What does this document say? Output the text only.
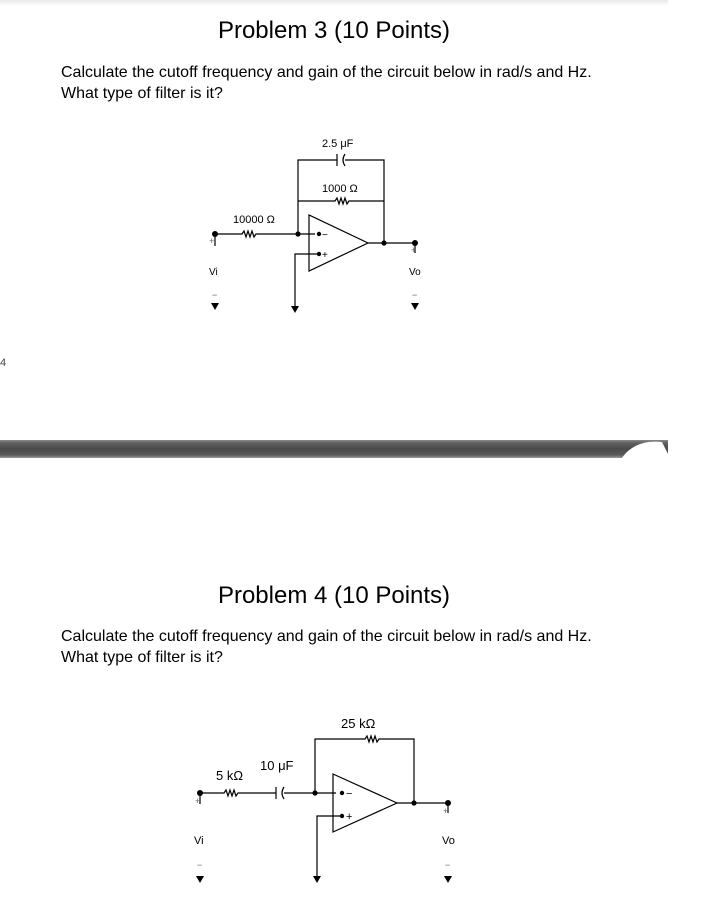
4
Problem 3 (10 Points)
Calculate the cutoff frequency and gain of the circuit below in rad/s and Hz. What type of filter is it?
2.5 μF
1000 Ω
10000 Ω
−
+
+
Vi
−
+
Vo
−
Problem 4 (10 Points)
Calculate the cutoff frequency and gain of the circuit below in rad/s and Hz. What type of filter is it?
25 kΩ
5 kΩ
10 μF
−
+
+
Vi
−
+
Vo
−
